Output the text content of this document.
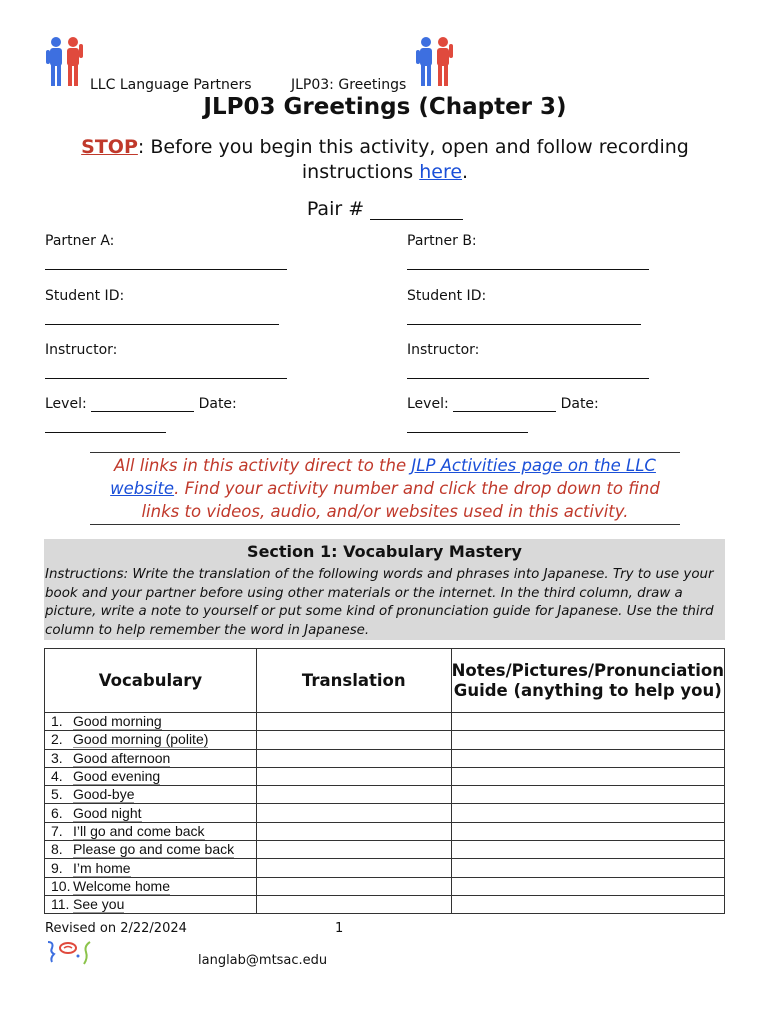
LLC Language Partners	JLP03: Greetings
JLP03 Greetings (Chapter 3)
STOP: Before you begin this activity, open and follow recording instructions here.
Pair #
Partner A:
Student ID:
Instructor:
Level:	Date:
Partner B:
Student ID:
Instructor:
Level:	Date:
All links in this activity direct to the JLP Activities page on the LLC website. Find your activity number and click the drop down to find links to videos, audio, and/or websites used in this activity.
Section 1: Vocabulary Mastery
Instructions: Write the translation of the following words and phrases into Japanese. Try to use your book and your partner before using other materials or the internet. In the third column, draw a picture, write a note to yourself or put some kind of pronunciation guide for Japanese. Use the third column to help remember the word in Japanese.
Vocabulary	Translation	Notes/Pictures/Pronunciation Guide (anything to help you)
1. Good morning		
2. Good morning (polite)		
3. Good afternoon		
4. Good evening		
5. Good-bye		
6. Good night		
7. I’ll go and come back		
8. Please go and come back		
9. I’m home		
10. Welcome home		
11. See you		
Revised on 2/22/2024	1
langlab@mtsac.edu
